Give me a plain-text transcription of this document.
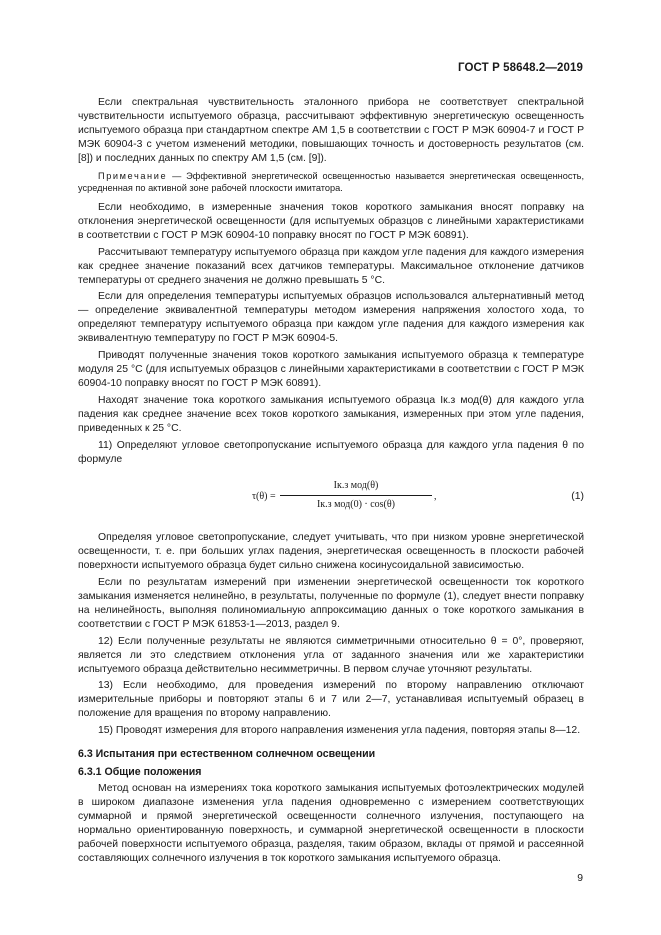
ГОСТ Р 58648.2—2019

Если спектральная чувствительность эталонного прибора не соответствует спектральной чувствительности испытуемого образца, рассчитывают эффективную энергетическую освещенность испытуемого образца при стандартном спектре АМ 1,5 в соответствии с ГОСТ Р МЭК 60904-7 и ГОСТ Р МЭК 60904-3 с учетом изменений методики, повышающих точность и достоверность результатов (см. [8]) и последних данных по спектру АМ 1,5 (см. [9]).

Примечание — Эффективной энергетической освещенностью называется энергетическая освещенность, усредненная по активной зоне рабочей плоскости имитатора.

Если необходимо, в измеренные значения токов короткого замыкания вносят поправку на отклонения энергетической освещенности (для испытуемых образцов с линейными характеристиками в соответствии с ГОСТ Р МЭК 60904-10 поправку вносят по ГОСТ Р МЭК 60891).

Рассчитывают температуру испытуемого образца при каждом угле падения для каждого измерения как среднее значение показаний всех датчиков температуры. Максимальное отклонение датчиков температуры от среднего значения не должно превышать 5 °С.

Если для определения температуры испытуемых образцов использовался альтернативный метод — определение эквивалентной температуры методом измерения напряжения холостого хода, то определяют температуру испытуемого образца при каждом угле падения для каждого измерения как эквивалентную температуру по ГОСТ Р МЭК 60904-5.

Приводят полученные значения токов короткого замыкания испытуемого образца к температуре модуля 25 °С (для испытуемых образцов с линейными характеристиками в соответствии с ГОСТ Р МЭК 60904-10 поправку вносят по ГОСТ Р МЭК 60891).

Находят значение тока короткого замыкания испытуемого образца Iк.з мод(θ) для каждого угла падения как среднее значение всех токов короткого замыкания, измеренных при этом угле падения, приведенных к 25 °С.

11) Определяют угловое светопропускание испытуемого образца для каждого угла падения θ по формуле

τ(θ) =
Iк.з мод(θ)
Iк.з мод(0) · cos(θ)
,	(1)

Определяя угловое светопропускание, следует учитывать, что при низком уровне энергетической освещенности, т. е. при больших углах падения, энергетическая освещенность в плоскости рабочей поверхности испытуемого образца будет сильно снижена косинусоидальной зависимостью.

Если по результатам измерений при изменении энергетической освещенности ток короткого замыкания изменяется нелинейно, в результаты, полученные по формуле (1), следует внести поправку на нелинейность, выполняя полиномиальную аппроксимацию данных о токе короткого замыкания в соответствии с ГОСТ Р МЭК 61853-1—2013, раздел 9.

12) Если полученные результаты не являются симметричными относительно θ = 0°, проверяют, является ли это следствием отклонения угла от заданного значения или же характеристики испытуемого образца действительно несимметричны. В первом случае уточняют результаты.

13) Если необходимо, для проведения измерений по второму направлению отключают измерительные приборы и повторяют этапы 6 и 7 или 2—7, устанавливая испытуемый образец в положение для вращения по второму направлению.

15) Проводят измерения для второго направления изменения угла падения, повторяя этапы 8—12.

6.3 Испытания при естественном солнечном освещении
6.3.1 Общие положения

Метод основан на измерениях тока короткого замыкания испытуемых фотоэлектрических модулей в широком диапазоне изменения угла падения одновременно с измерением соответствующих суммарной и прямой энергетической освещенности солнечного излучения, поступающего на нормально ориентированную поверхность, и суммарной энергетической освещенности в плоскости рабочей поверхности испытуемого образца, разделяя, таким образом, вклады от прямой и рассеянной составляющих солнечного излучения в ток короткого замыкания испытуемого образца.

9
